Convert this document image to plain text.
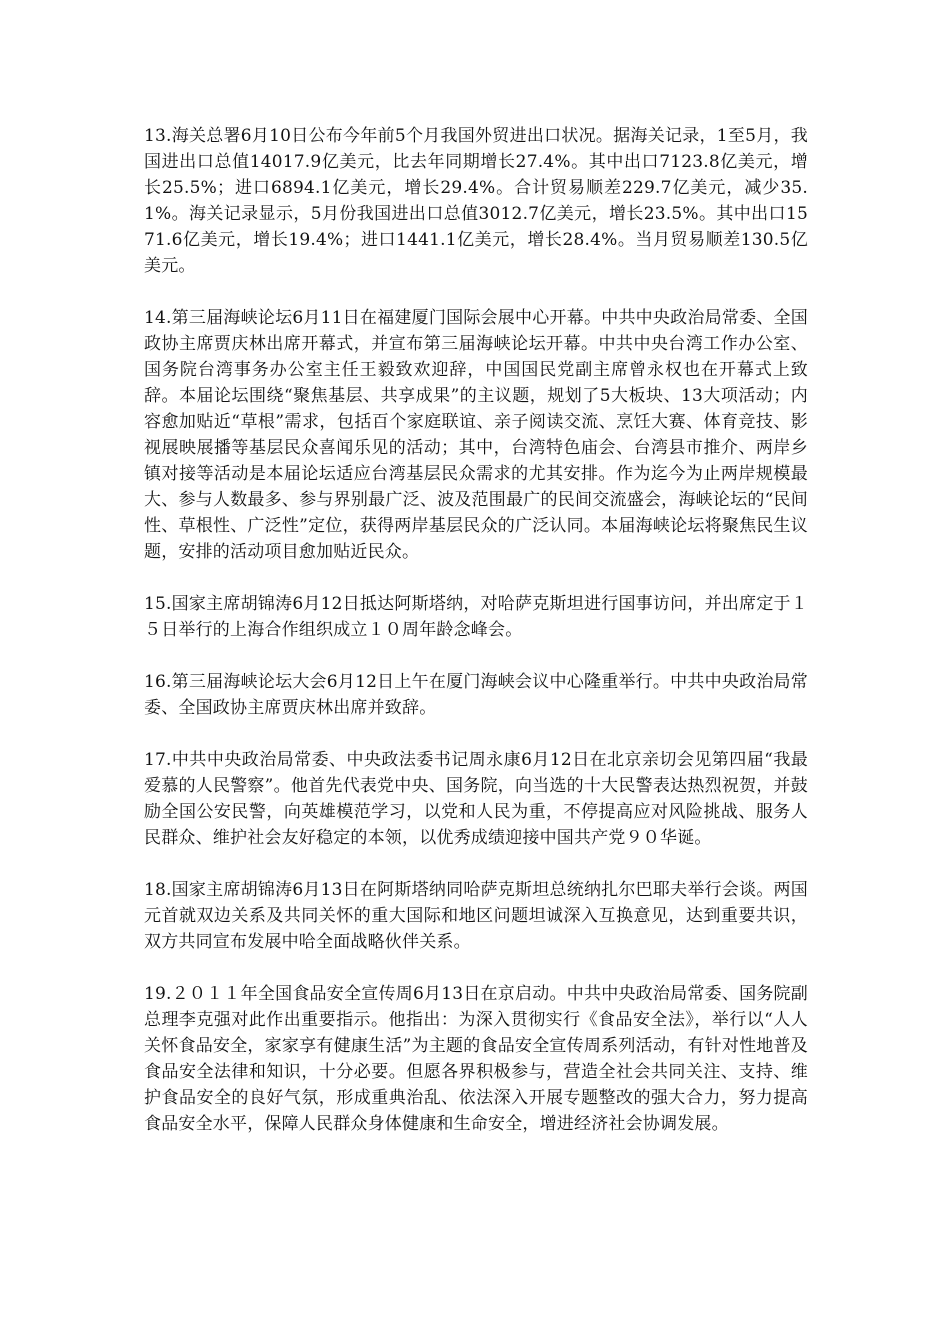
13.海关总署6月10日公布今年前5个月我国外贸进出口状况。据海关记录，1至5月，我国进出口总值14017.9亿美元，比去年同期增长27.4%。其中出口7123.8亿美元，增长25.5%；进口6894.1亿美元，增长29.4%。合计贸易顺差229.7亿美元，减少35.1%。海关记录显示，5月份我国进出口总值3012.7亿美元，增长23.5%。其中出口1571.6亿美元，增长19.4%；进口1441.1亿美元，增长28.4%。当月贸易顺差130.5亿美元。

14.第三届海峡论坛6月11日在福建厦门国际会展中心开幕。中共中央政治局常委、全国政协主席贾庆林出席开幕式，并宣布第三届海峡论坛开幕。中共中央台湾工作办公室、国务院台湾事务办公室主任王毅致欢迎辞，中国国民党副主席曾永权也在开幕式上致辞。本届论坛围绕“聚焦基层、共享成果”的主议题，规划了5大板块、13大项活动；内容愈加贴近“草根”需求，包括百个家庭联谊、亲子阅读交流、烹饪大赛、体育竞技、影视展映展播等基层民众喜闻乐见的活动；其中，台湾特色庙会、台湾县市推介、两岸乡镇对接等活动是本届论坛适应台湾基层民众需求的尤其安排。作为迄今为止两岸规模最大、参与人数最多、参与界别最广泛、波及范围最广的民间交流盛会，海峡论坛的“民间性、草根性、广泛性”定位，获得两岸基层民众的广泛认同。本届海峡论坛将聚焦民生议题，安排的活动项目愈加贴近民众。

15.国家主席胡锦涛6月12日抵达阿斯塔纳，对哈萨克斯坦进行国事访问，并出席定于１５日举行的上海合作组织成立１０周年龄念峰会。

16.第三届海峡论坛大会6月12日上午在厦门海峡会议中心隆重举行。中共中央政治局常委、全国政协主席贾庆林出席并致辞。

17.中共中央政治局常委、中央政法委书记周永康6月12日在北京亲切会见第四届“我最爱慕的人民警察”。他首先代表党中央、国务院，向当选的十大民警表达热烈祝贺，并鼓励全国公安民警，向英雄模范学习，以党和人民为重，不停提高应对风险挑战、服务人民群众、维护社会友好稳定的本领，以优秀成绩迎接中国共产党９０华诞。

18.国家主席胡锦涛6月13日在阿斯塔纳同哈萨克斯坦总统纳扎尔巴耶夫举行会谈。两国元首就双边关系及共同关怀的重大国际和地区问题坦诚深入互换意见，达到重要共识，双方共同宣布发展中哈全面战略伙伴关系。

19.２０１１年全国食品安全宣传周6月13日在京启动。中共中央政治局常委、国务院副总理李克强对此作出重要指示。他指出：为深入贯彻实行《食品安全法》，举行以“人人关怀食品安全，家家享有健康生活”为主题的食品安全宣传周系列活动，有针对性地普及食品安全法律和知识，十分必要。但愿各界积极参与，营造全社会共同关注、支持、维护食品安全的良好气氛，形成重典治乱、依法深入开展专题整改的强大合力，努力提高食品安全水平，保障人民群众身体健康和生命安全，增进经济社会协调发展。
